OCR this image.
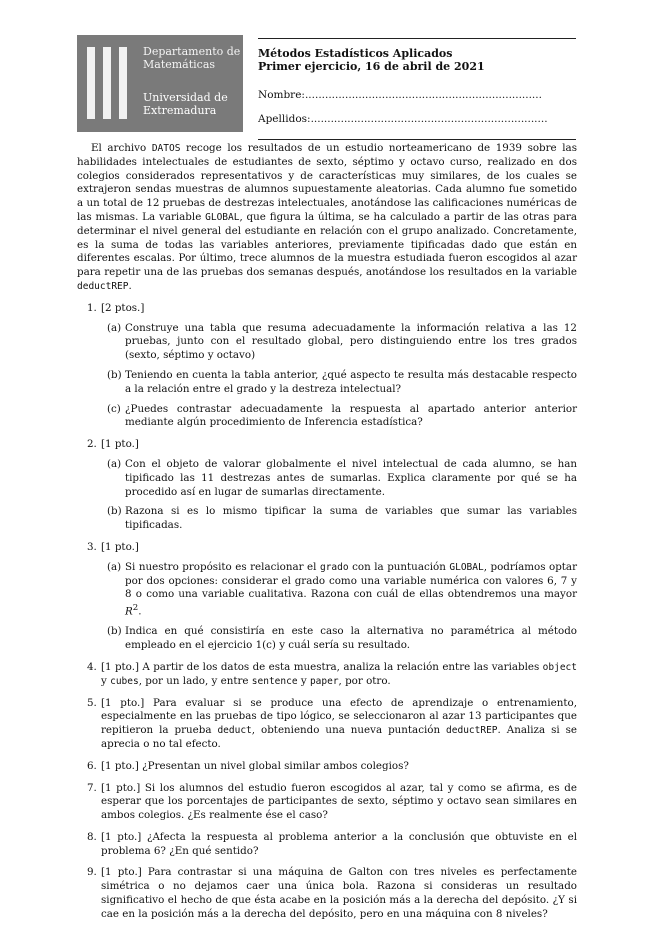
Departamento de Matemáticas
Universidad de Extremadura
Métodos Estadísticos Aplicados
Primer ejercicio, 16 de abril de 2021
Nombre:.......................................................................
Apellidos:.......................................................................

El archivo DATOS recoge los resultados de un estudio norteamericano de 1939 sobre las habilidades intelectuales de estudiantes de sexto, séptimo y octavo curso, realizado en dos colegios considerados representativos y de características muy similares, de los cuales se extrajeron sendas muestras de alumnos supuestamente aleatorias. Cada alumno fue sometido a un total de 12 pruebas de destrezas intelectuales, anotándose las calificaciones numéricas de las mismas. La variable GLOBAL, que figura la última, se ha calculado a partir de las otras para determinar el nivel general del estudiante en relación con el grupo analizado. Concretamente, es la suma de todas las variables anteriores, previamente tipificadas dado que están en diferentes escalas. Por último, trece alumnos de la muestra estudiada fueron escogidos al azar para repetir una de las pruebas dos semanas después, anotándose los resultados en la variable deductREP.

1. [2 ptos.]
(a) Construye una tabla que resuma adecuadamente la información relativa a las 12 pruebas, junto con el resultado global, pero distinguiendo entre los tres grados (sexto, séptimo y octavo)
(b) Teniendo en cuenta la tabla anterior, ¿qué aspecto te resulta más destacable respecto a la relación entre el grado y la destreza intelectual?
(c) ¿Puedes contrastar adecuadamente la respuesta al apartado anterior anterior mediante algún procedimiento de Inferencia estadística?
2. [1 pto.]
(a) Con el objeto de valorar globalmente el nivel intelectual de cada alumno, se han tipificado las 11 destrezas antes de sumarlas. Explica claramente por qué se ha procedido así en lugar de sumarlas directamente.
(b) Razona si es lo mismo tipificar la suma de variables que sumar las variables tipificadas.
3. [1 pto.]
(a) Si nuestro propósito es relacionar el grado con la puntuación GLOBAL, podríamos optar por dos opciones: considerar el grado como una variable numérica con valores 6, 7 y 8 o como una variable cualitativa. Razona con cuál de ellas obtendremos una mayor $R^2$.
(b) Indica en qué consistiría en este caso la alternativa no paramétrica al método empleado en el ejercicio 1(c) y cuál sería su resultado.
4. [1 pto.] A partir de los datos de esta muestra, analiza la relación entre las variables object y cubes, por un lado, y entre sentence y paper, por otro.
5. [1 pto.] Para evaluar si se produce una efecto de aprendizaje o entrenamiento, especialmente en las pruebas de tipo lógico, se seleccionaron al azar 13 participantes que repitieron la prueba deduct, obteniendo una nueva puntación deductREP. Analiza si se aprecia o no tal efecto.
6. [1 pto.] ¿Presentan un nivel global similar ambos colegios?
7. [1 pto.] Si los alumnos del estudio fueron escogidos al azar, tal y como se afirma, es de esperar que los porcentajes de participantes de sexto, séptimo y octavo sean similares en ambos colegios. ¿Es realmente ése el caso?
8. [1 pto.] ¿Afecta la respuesta al problema anterior a la conclusión que obtuviste en el problema 6? ¿En qué sentido?
9. [1 pto.] Para contrastar si una máquina de Galton con tres niveles es perfectamente simétrica o no dejamos caer una única bola. Razona si consideras un resultado significativo el hecho de que ésta acabe en la posición más a la derecha del depósito. ¿Y si cae en la posición más a la derecha del depósito, pero en una máquina con 8 niveles?
